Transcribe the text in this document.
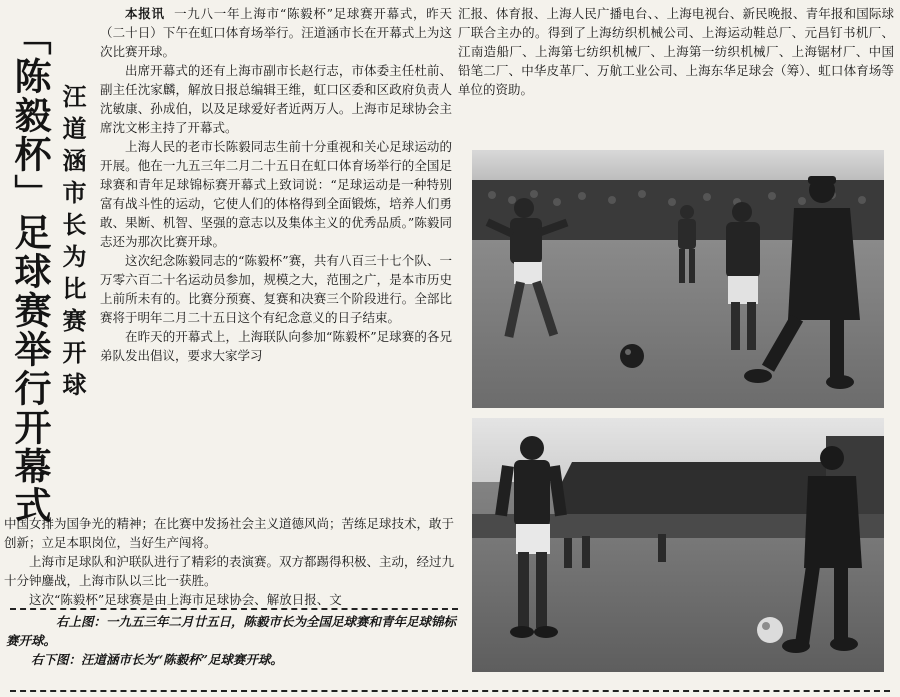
「陈毅杯」足球赛举行开幕式 汪道涵市长为比赛开球

本报讯 一九八一年上海市“陈毅杯”足球赛开幕式，昨天（二十日）下午在虹口体育场举行。汪道涵市长在开幕式上为这次比赛开球。

出席开幕式的还有上海市副市长赵行志，市体委主任杜前、副主任沈家麟，解放日报总编辑王维，虹口区委和区政府负责人沈敏康、孙成伯，以及足球爱好者近两万人。上海市足球协会主席沈文彬主持了开幕式。

上海人民的老市长陈毅同志生前十分重视和关心足球运动的开展。他在一九五三年二月二十五日在虹口体育场举行的全国足球赛和青年足球锦标赛开幕式上致词说：“足球运动是一种特别富有战斗性的运动，它使人们的体格得到全面锻炼，培养人们勇敢、果断、机智、坚强的意志以及集体主义的优秀品质。”陈毅同志还为那次比赛开球。

这次纪念陈毅同志的“陈毅杯”赛，共有八百三十七个队、一万零六百二十名运动员参加，规模之大，范围之广，是本市历史上前所未有的。比赛分预赛、复赛和决赛三个阶段进行。全部比赛将于明年二月二十五日这个有纪念意义的日子结束。

在昨天的开幕式上，上海联队向参加“陈毅杯”足球赛的各兄弟队发出倡议，要求大家学习

中国女排为国争光的精神；在比赛中发扬社会主义道德风尚；苦练足球技术，敢于创新；立足本职岗位，当好生产闯将。

上海市足球队和沪联队进行了精彩的表演赛。双方都踢得积极、主动，经过九十分钟鏖战，上海市队以三比一获胜。

这次“陈毅杯”足球赛是由上海市足球协会、解放日报、文

汇报、体育报、上海人民广播电台、、上海电视台、新民晚报、青年报和国际球厂联合主办的。得到了上海纺织机械公司、上海运动鞋总厂、元昌钉书机厂、江南造船厂、上海第七纺织机械厂、上海第一纺织机械厂、上海锯材厂、中国铅笔二厂、中华皮革厂、万航工业公司、上海东华足球会（筹）、虹口体育场等单位的资助。

右上图：一九五三年二月廿五日，陈毅市长为全国足球赛和青年足球锦标赛开球。

右下图：汪道涵市长为“陈毅杯”足球赛开球。
